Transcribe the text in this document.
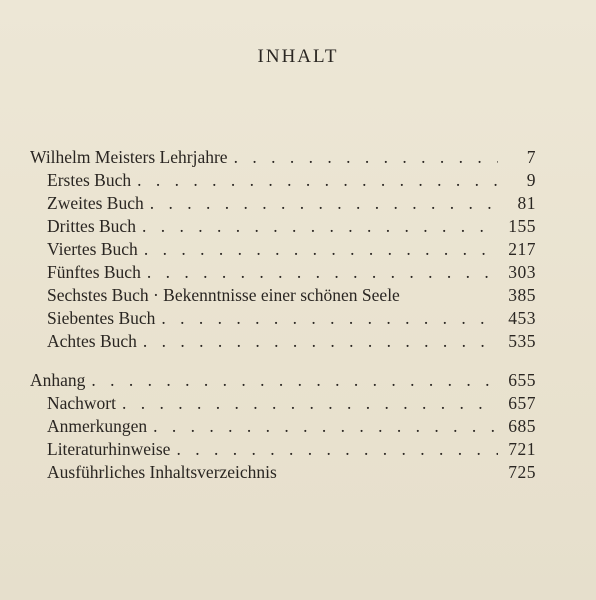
INHALT
Wilhelm Meisters Lehrjahre . . .	7
Erstes Buch . . .	9
Zweites Buch . . .	81
Drittes Buch . . .	155
Viertes Buch . . .	217
Fünftes Buch . . .	303
Sechstes Buch · Bekenntnisse einer schönen Seele	385
Siebentes Buch . . .	453
Achtes Buch . . .	535
Anhang . . .	655
Nachwort . . .	657
Anmerkungen . . .	685
Literaturhinweise . . .	721
Ausführliches Inhaltsverzeichnis	725
